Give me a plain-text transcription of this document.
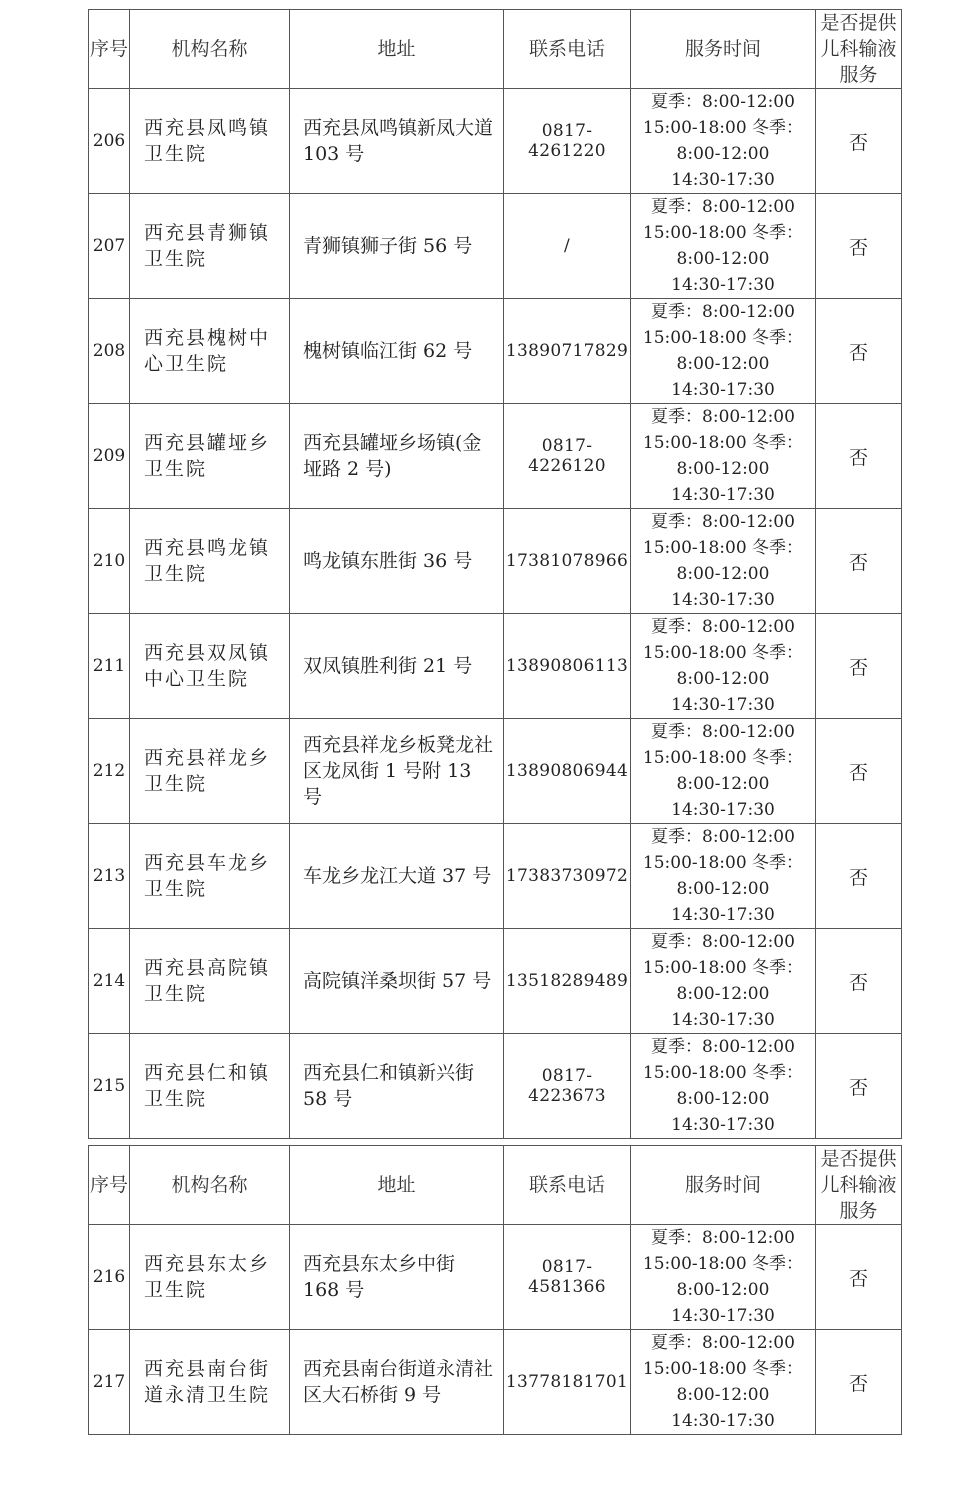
序号	机构名称	地址	联系电话	服务时间	是否提供
儿科输液
服务
206	西充县凤鸣镇卫生院	西充县凤鸣镇新凤大道 103 号	0817-4261220	夏季：8:00-12:00
15:00-18:00 冬季：
8:00-12:00
14:30-17:30	否
207	西充县青狮镇卫生院	青狮镇狮子街 56 号	/	夏季：8:00-12:00
15:00-18:00 冬季：
8:00-12:00
14:30-17:30	否
208	西充县槐树中心卫生院	槐树镇临江街 62 号	13890717829	夏季：8:00-12:00
15:00-18:00 冬季：
8:00-12:00
14:30-17:30	否
209	西充县罐垭乡卫生院	西充县罐垭乡场镇(金垭路 2 号)	0817-4226120	夏季：8:00-12:00
15:00-18:00 冬季：
8:00-12:00
14:30-17:30	否
210	西充县鸣龙镇卫生院	鸣龙镇东胜街 36 号	17381078966	夏季：8:00-12:00
15:00-18:00 冬季：
8:00-12:00
14:30-17:30	否
211	西充县双凤镇中心卫生院	双凤镇胜利街 21 号	13890806113	夏季：8:00-12:00
15:00-18:00 冬季：
8:00-12:00
14:30-17:30	否
212	西充县祥龙乡卫生院	西充县祥龙乡板凳龙社区龙凤街 1 号附 13 号	13890806944	夏季：8:00-12:00
15:00-18:00 冬季：
8:00-12:00
14:30-17:30	否
213	西充县车龙乡卫生院	车龙乡龙江大道 37 号	17383730972	夏季：8:00-12:00
15:00-18:00 冬季：
8:00-12:00
14:30-17:30	否
214	西充县高院镇卫生院	高院镇洋桑坝街 57 号	13518289489	夏季：8:00-12:00
15:00-18:00 冬季：
8:00-12:00
14:30-17:30	否
215	西充县仁和镇卫生院	西充县仁和镇新兴街 58 号	0817-4223673	夏季：8:00-12:00
15:00-18:00 冬季：
8:00-12:00
14:30-17:30	否
序号	机构名称	地址	联系电话	服务时间	是否提供
儿科输液
服务
216	西充县东太乡卫生院	西充县东太乡中街 168 号	0817-4581366	夏季：8:00-12:00
15:00-18:00 冬季：
8:00-12:00
14:30-17:30	否
217	西充县南台街道永清卫生院	西充县南台街道永清社区大石桥街 9 号	13778181701	夏季：8:00-12:00
15:00-18:00 冬季：
8:00-12:00
14:30-17:30	否
